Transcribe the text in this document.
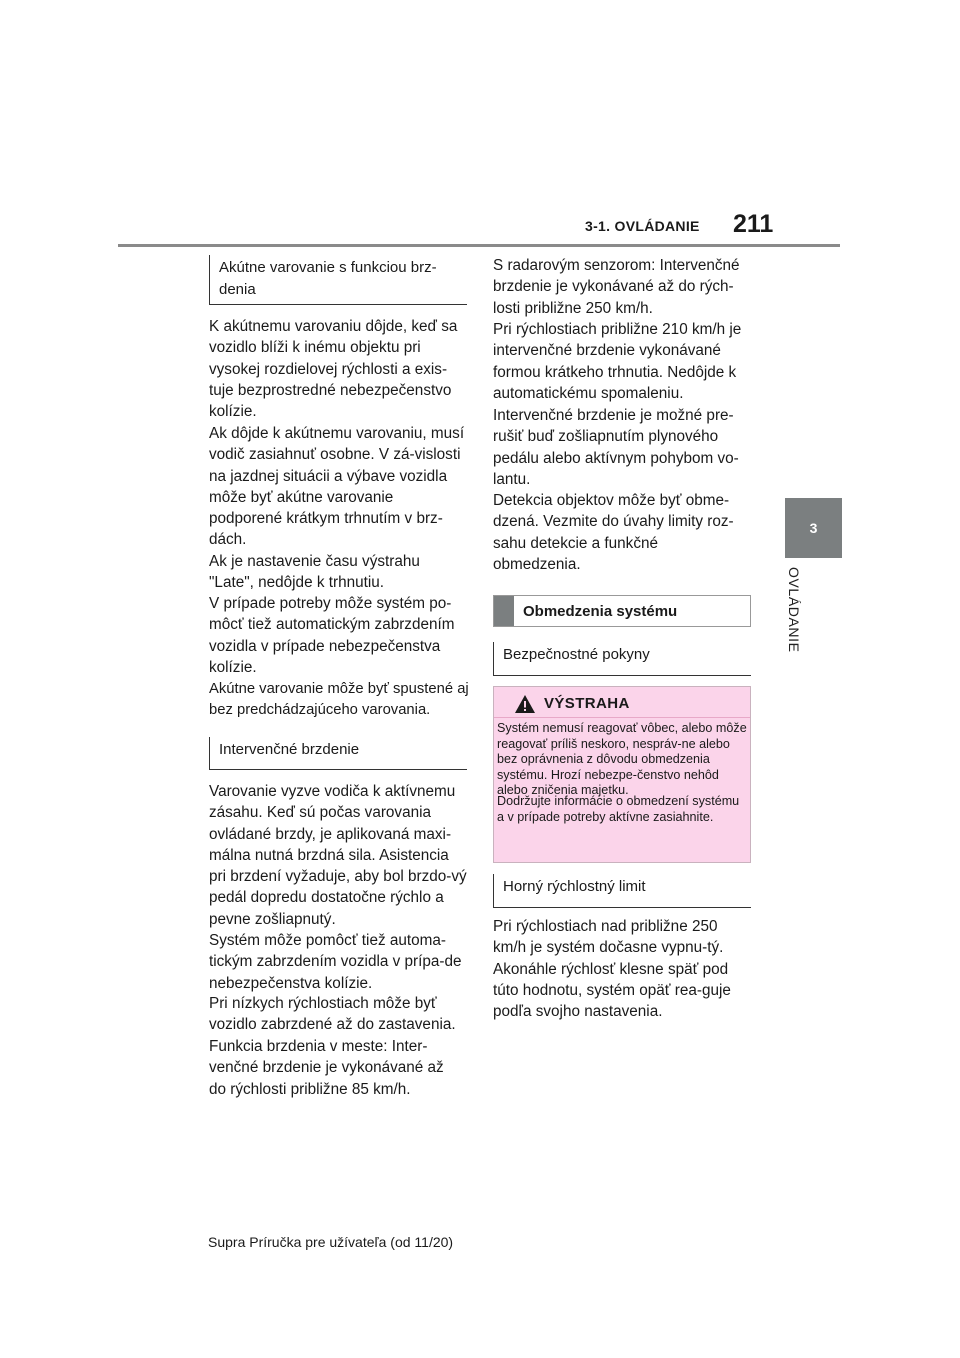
3-1. OVLÁDANIE 211
3
OVLÁDANIE
Akútne varovanie s funkciou brz-denia

K akútnemu varovaniu dôjde, keď sa vozidlo blíži k inému objektu pri vysokej rozdielovej rýchlosti a exis-tuje bezprostredné nebezpečenstvo kolízie.

Ak dôjde k akútnemu varovaniu, musí vodič zasiahnuť osobne. V zá-vislosti na jazdnej situácii a výbave vozidla môže byť akútne varovanie podporené krátkym trhnutím v brz-dách.

Ak je nastavenie času výstrahu "Late", nedôjde k trhnutiu.

V prípade potreby môže systém po-môcť tiež automatickým zabrzdením vozidla v prípade nebezpečenstva kolízie.

Akútne varovanie môže byť spustené aj bez predchádzajúceho varovania.

Intervenčné brzdenie

Varovanie vyzve vodiča k aktívnemu zásahu. Keď sú počas varovania ovládané brzdy, je aplikovaná maxi-málna nutná brzdná sila. Asistencia pri brzdení vyžaduje, aby bol brzdo-vý pedál dopredu dostatočne rýchlo a pevne zošliapnutý.

Systém môže pomôcť tiež automa-tickým zabrzdením vozidla v prípa-de nebezpečenstva kolízie.

Pri nízkych rýchlostiach môže byť vozidlo zabrzdené až do zastavenia.

Funkcia brzdenia v meste: Inter-venčné brzdenie je vykonávané až do rýchlosti približne 85 km/h.

S radarovým senzorom: Intervenčné brzdenie je vykonávané až do rých-losti približne 250 km/h.

Pri rýchlostiach približne 210 km/h je intervenčné brzdenie vykonávané formou krátkeho trhnutia. Nedôjde k automatickému spomaleniu.

Intervenčné brzdenie je možné pre-rušiť buď zošliapnutím plynového pedálu alebo aktívnym pohybom vo-lantu.

Detekcia objektov môže byť obme-dzená. Vezmite do úvahy limity roz-sahu detekcie a funkčné obmedzenia.

Obmedzenia systému
Bezpečnostné pokyny
VÝSTRAHA

Systém nemusí reagovať vôbec, alebo môže reagovať príliš neskoro, nespráv-ne alebo bez oprávnenia z dôvodu obmedzenia systému. Hrozí nebezpe-čenstvo nehôd alebo zničenia majetku.

Dodržujte informácie o obmedzení systému a v prípade potreby aktívne zasiahnite.

Horný rýchlostný limit

Pri rýchlostiach nad približne 250 km/h je systém dočasne vypnu-tý. Akonáhle rýchlosť klesne späť pod túto hodnotu, systém opäť rea-guje podľa svojho nastavenia.

Supra Príručka pre užívateľa (od 11/20)
